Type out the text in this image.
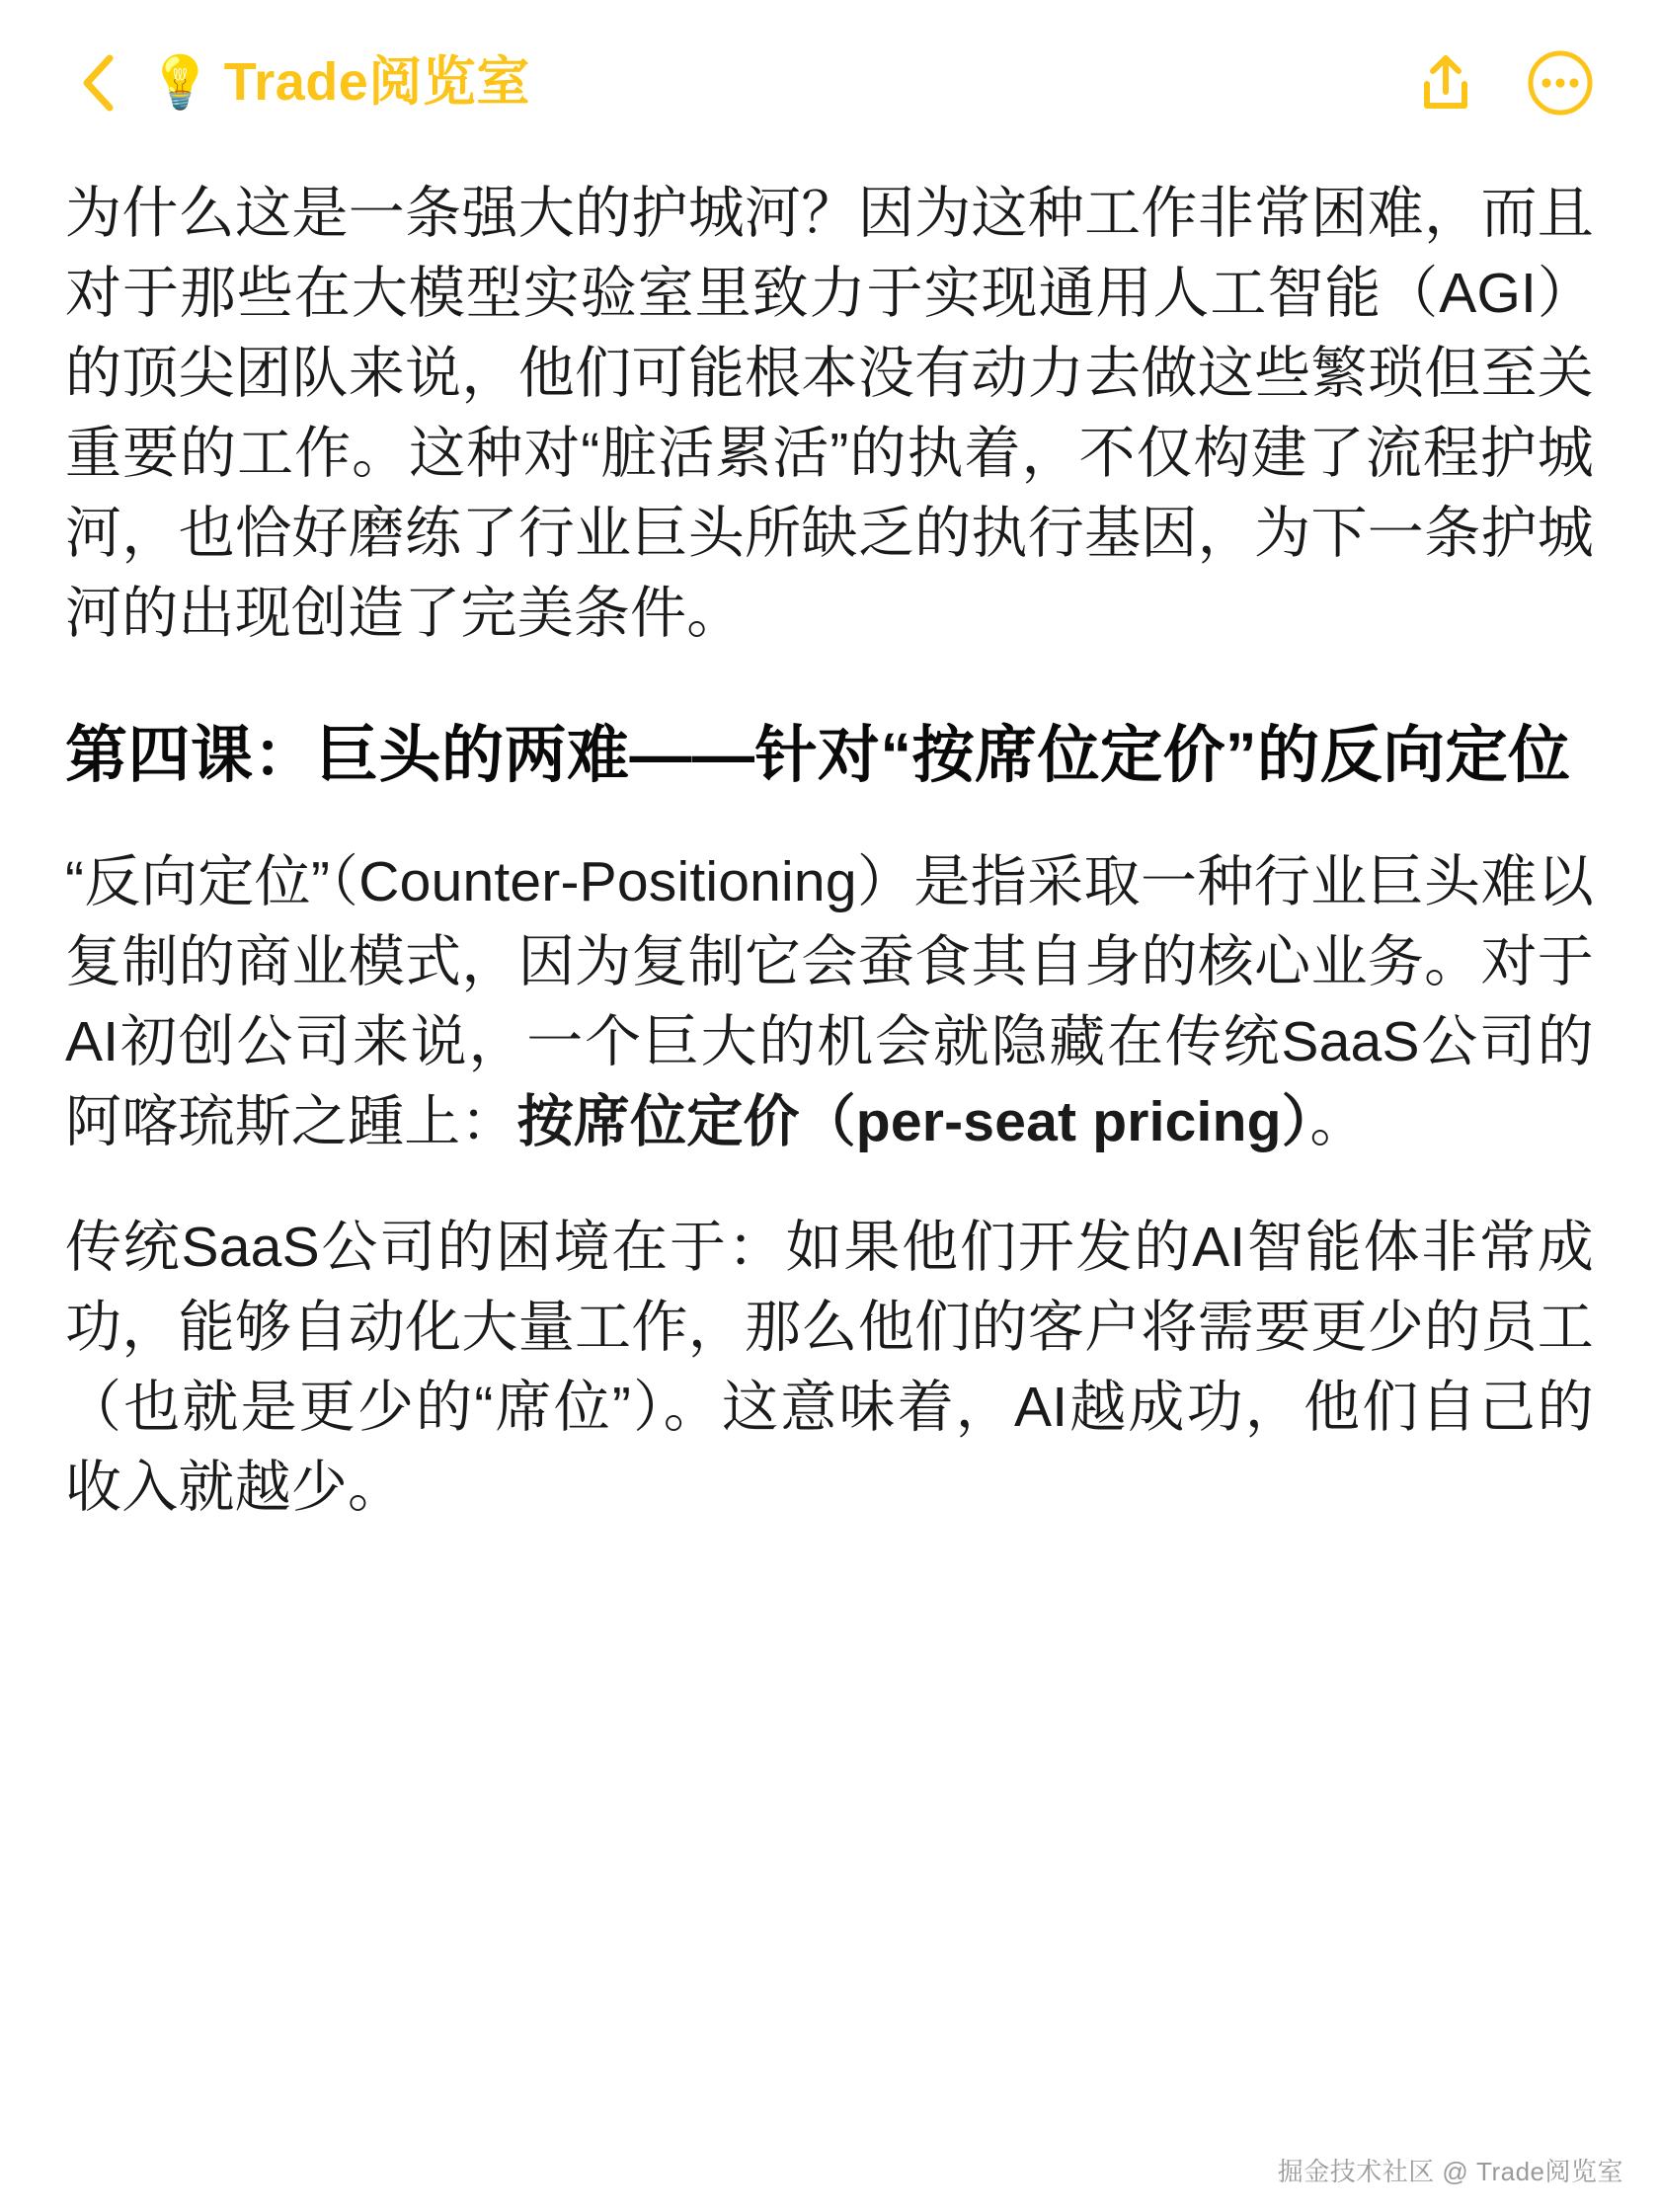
💡 Trade阅览室

为什么这是一条强大的护城河？因为这种工作非常困难，而且对于那些在大模型实验室里致力于实现通用人工智能（AGI）的顶尖团队来说，他们可能根本没有动力去做这些繁琐但至关重要的工作。这种对“脏活累活”的执着，不仅构建了流程护城河，也恰好磨练了行业巨头所缺乏的执行基因，为下一条护城河的出现创造了完美条件。

第四课：巨头的两难——针对“按席位定价”的反向定位

“反向定位”（Counter-Positioning）是指采取一种行业巨头难以复制的商业模式，因为复制它会蚕食其自身的核心业务。对于AI初创公司来说，一个巨大的机会就隐藏在传统SaaS公司的阿喀琉斯之踵上：按席位定价（per-seat pricing）。

传统SaaS公司的困境在于：如果他们开发的AI智能体非常成功，能够自动化大量工作，那么他们的客户将需要更少的员工（也就是更少的“席位”）。这意味着，AI越成功，他们自己的收入就越少。

掘金技术社区 @ Trade阅览室
